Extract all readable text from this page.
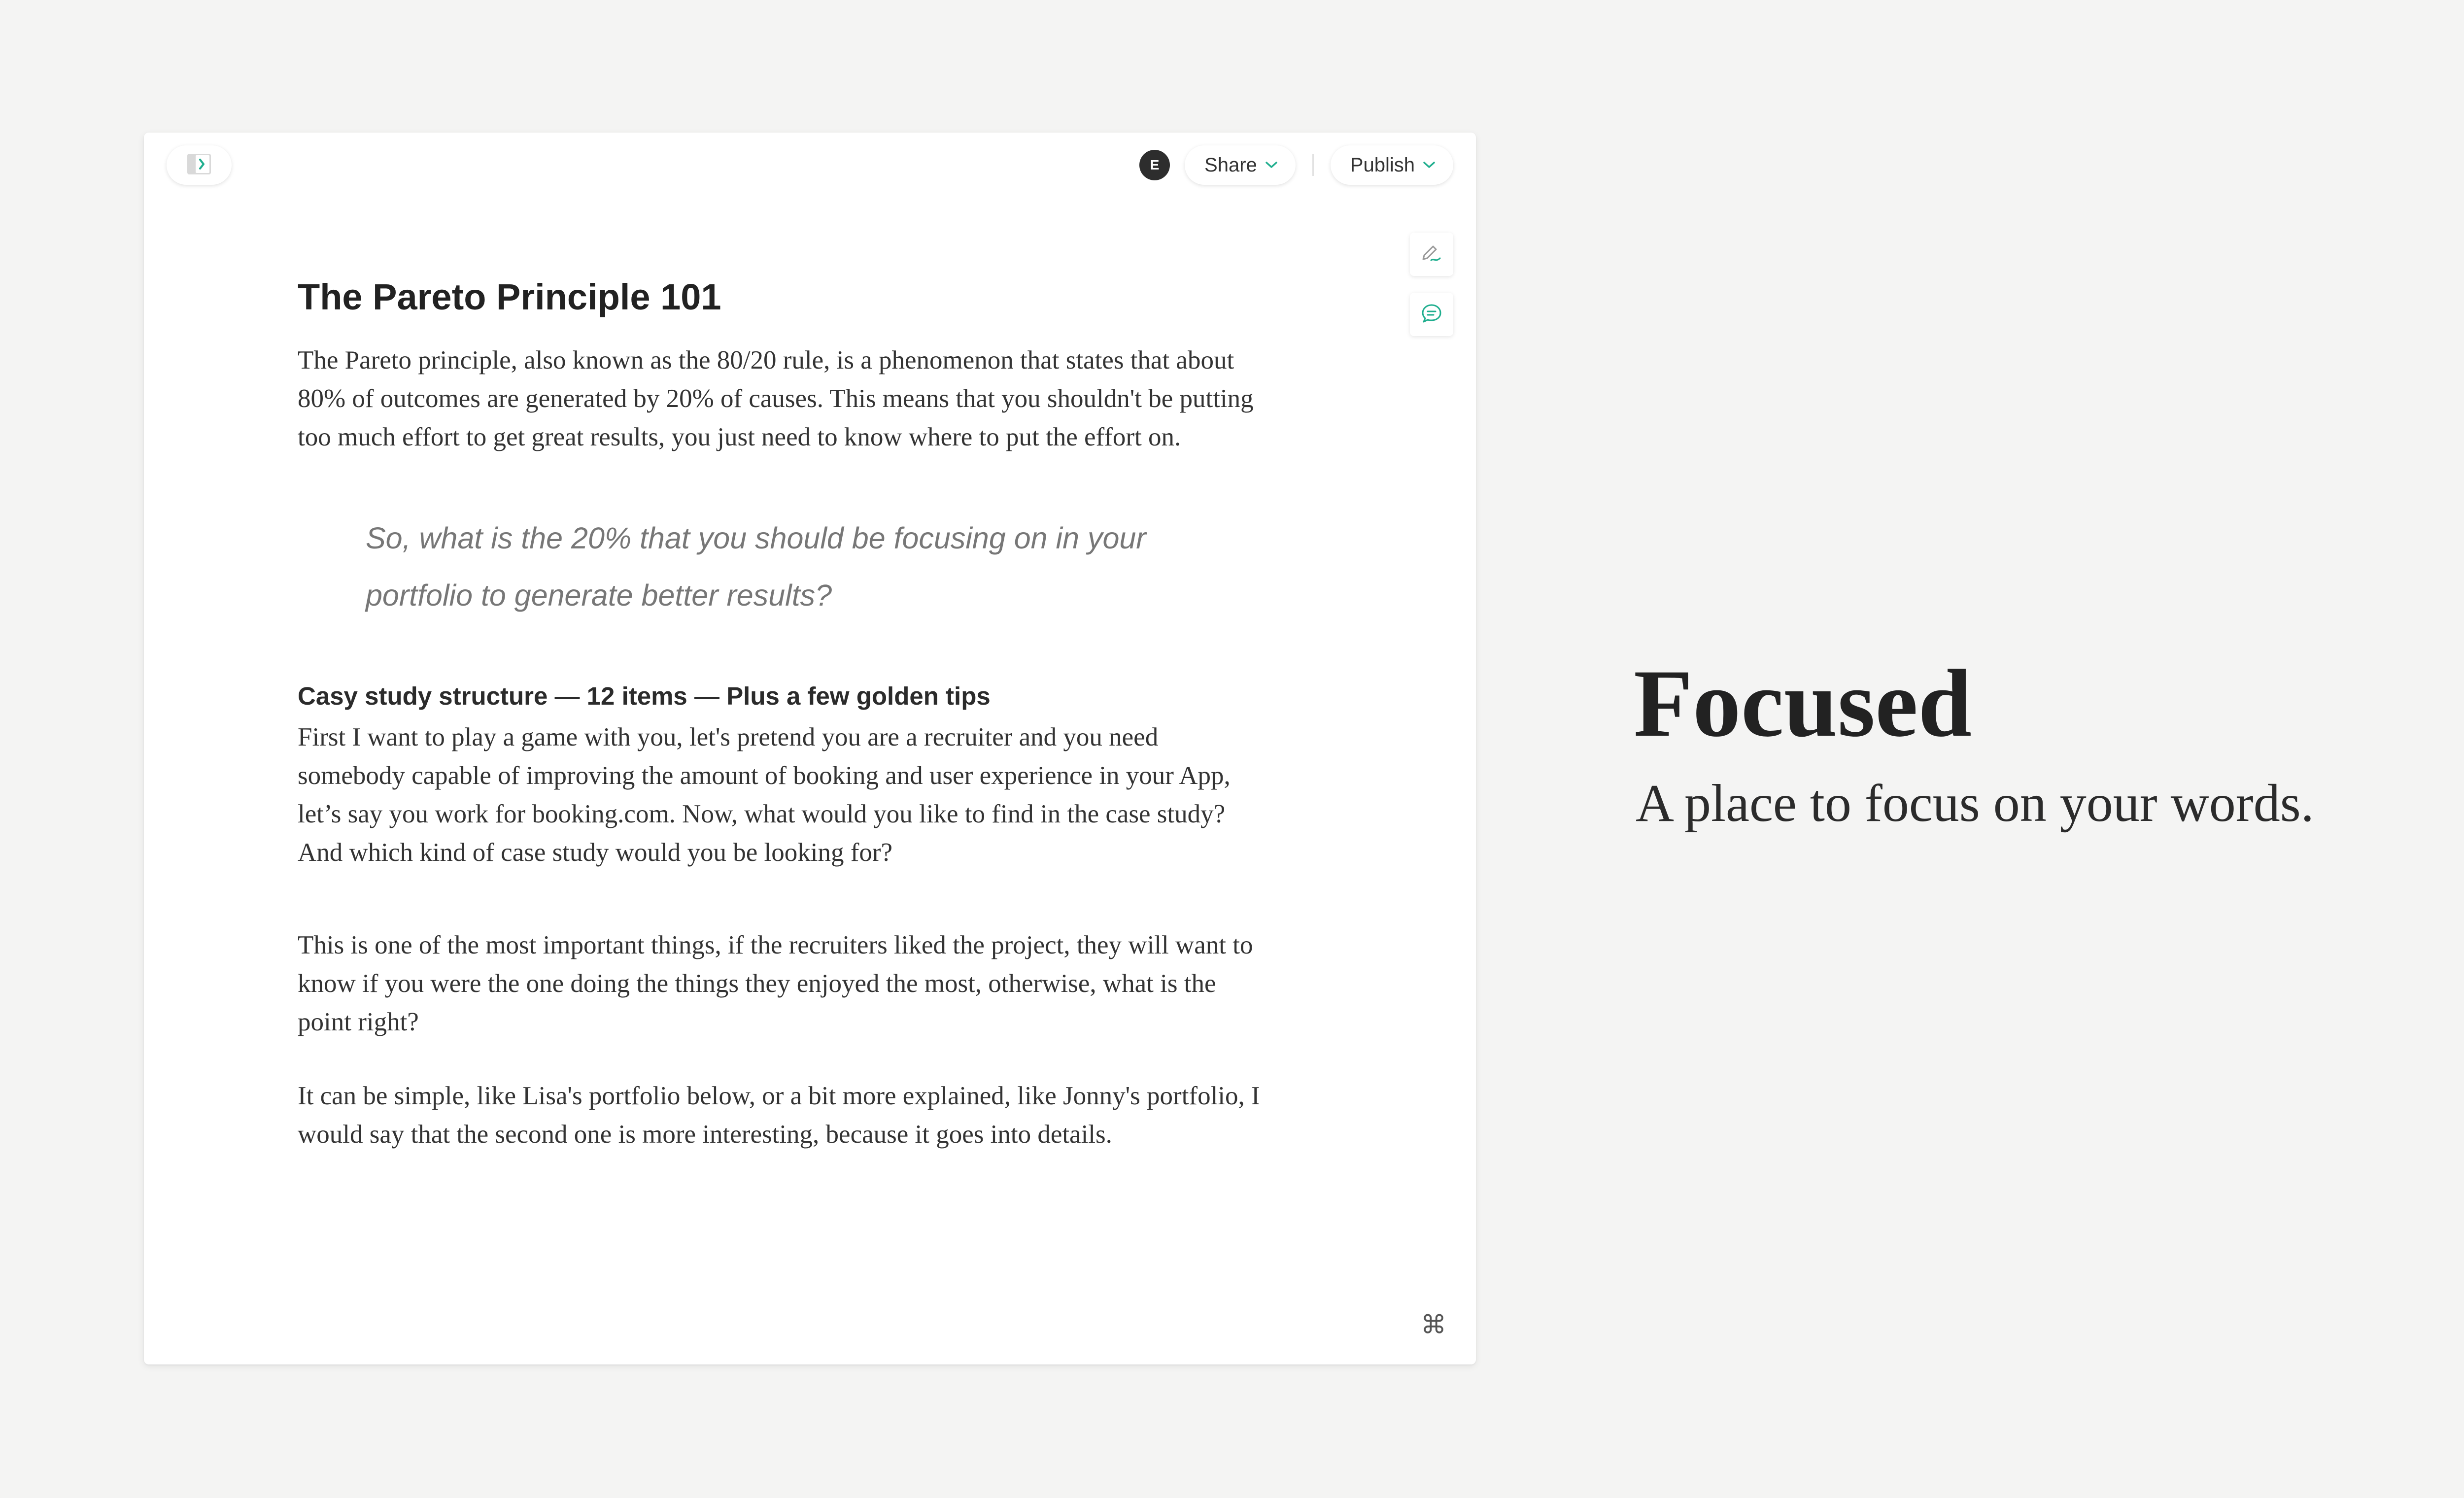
E Share	Publish
⌘
The Pareto Principle 101

The Pareto principle, also known as the 80/20 rule, is a phenomenon that states that about 80% of outcomes are generated by 20% of causes. This means that you shouldn't be putting too much effort to get great results, you just need to know where to put the effort on.

So, what is the 20% that you should be focusing on in your portfolio to generate better results?
Casy study structure — 12 items — Plus a few golden tips

First I want to play a game with you, let's pretend you are a recruiter and you need somebody capable of improving the amount of booking and user experience in your App, let’s say you work for booking.com. Now, what would you like to find in the case study? And which kind of case study would you be looking for?

This is one of the most important things, if the recruiters liked the project, they will want to know if you were the one doing the things they enjoyed the most, otherwise, what is the point right?

It can be simple, like Lisa's portfolio below, or a bit more explained, like Jonny's portfolio, I would say that the second one is more interesting, because it goes into details.

Focused

A place to focus on your words.
